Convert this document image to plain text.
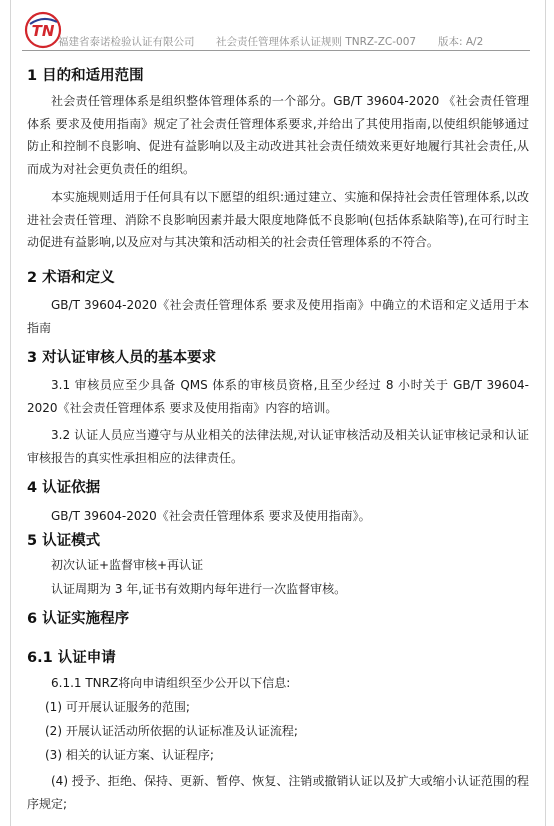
TN
福建省泰诺检验认证有限公司 社会责任管理体系认证规则 TNRZ-ZC-007 版本: A/2
1 目的和适用范围

社会责任管理体系是组织整体管理体系的一个部分。GB/T 39604-2020 《社会责任管理体系 要求及使用指南》规定了社会责任管理体系要求,并给出了其使用指南,以使组织能够通过防止和控制不良影响、促进有益影响以及主动改进其社会责任绩效来更好地履行其社会责任,从而成为对社会更负责任的组织。

本实施规则适用于任何具有以下愿望的组织:通过建立、实施和保持社会责任管理体系,以改进社会责任管理、消除不良影响因素并最大限度地降低不良影响(包括体系缺陷等),在可行时主动促进有益影响,以及应对与其决策和活动相关的社会责任管理体系的不符合。

2 术语和定义

GB/T 39604-2020《社会责任管理体系 要求及使用指南》中确立的术语和定义适用于本指南

3 对认证审核人员的基本要求

3.1 审核员应至少具备 QMS 体系的审核员资格,且至少经过 8 小时关于 GB/T 39604-2020《社会责任管理体系 要求及使用指南》内容的培训。

3.2 认证人员应当遵守与从业相关的法律法规,对认证审核活动及相关认证审核记录和认证审核报告的真实性承担相应的法律责任。

4 认证依据

GB/T 39604-2020《社会责任管理体系 要求及使用指南》。

5 认证模式

初次认证+监督审核+再认证

认证周期为 3 年,证书有效期内每年进行一次监督审核。

6 认证实施程序
6.1 认证申请

6.1.1 TNRZ将向申请组织至少公开以下信息:

(1) 可开展认证服务的范围;
(2) 开展认证活动所依据的认证标准及认证流程;
(3) 相关的认证方案、认证程序;

(4) 授予、拒绝、保持、更新、暂停、恢复、注销或撤销认证以及扩大或缩小认证范围的程序规定;
